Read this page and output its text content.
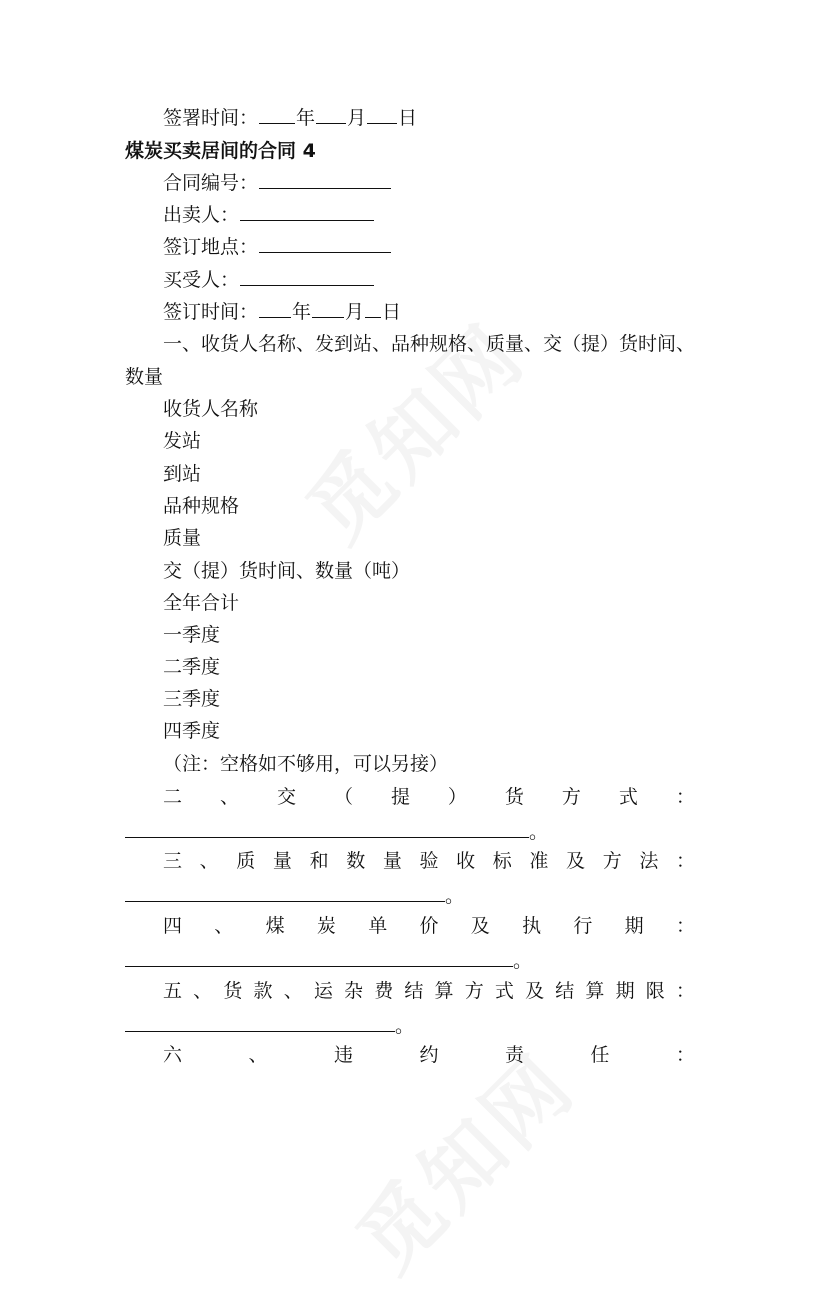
签署时间： 年 月 日
煤炭买卖居间的合同 4
合同编号：
出卖人：
签订地点：
买受人：
签订时间： 年 月 日
一、收货人名称、发到站、品种规格、质量、交（提）货时间、
数量
收货人名称
发站
到站
品种规格
质量
交（提）货时间、数量（吨）
全年合计
一季度
二季度
三季度
四季度
（注：空格如不够用，可以另接）
二 、 交 （ 提 ） 货 方 式 ：
。
三 、 质 量 和 数 量 验 收 标 准 及 方 法 ：
。
四 、 煤 炭 单 价 及 执 行 期 ：
。
五 、 货 款 、 运 杂 费 结 算 方 式 及 结 算 期 限 ：
。
六	、	违	约	责	任	：
